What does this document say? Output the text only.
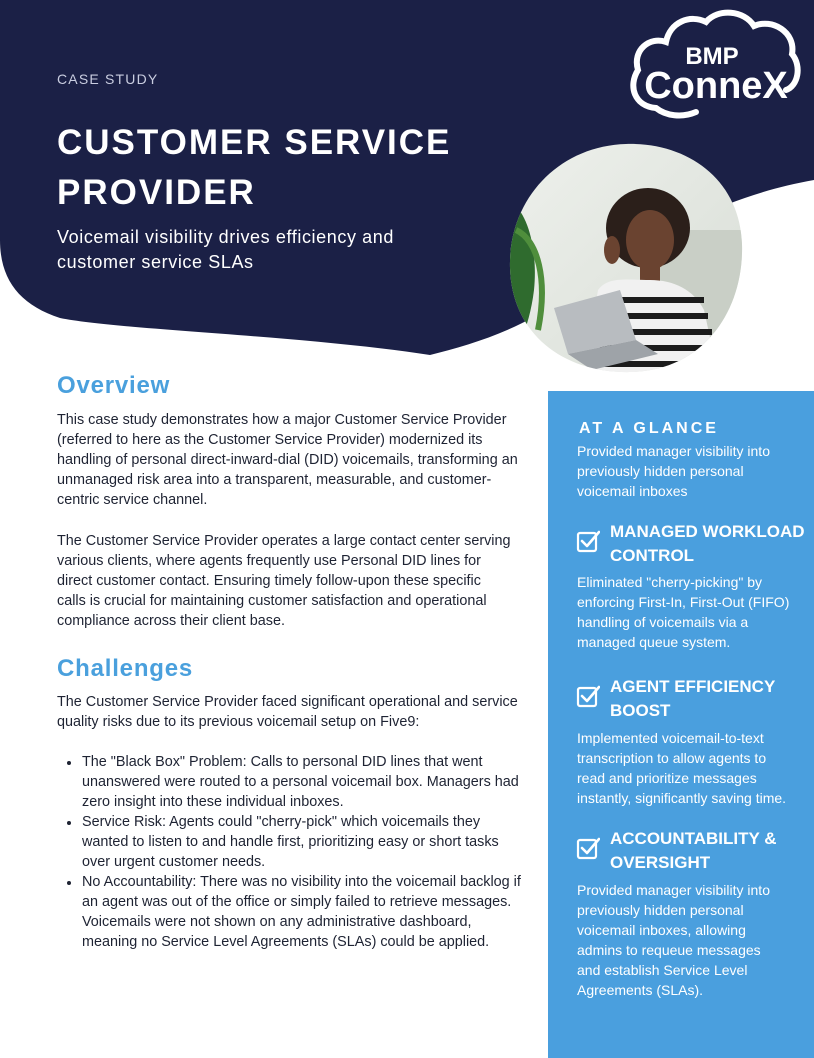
CASE STUDY
CUSTOMER SERVICE
PROVIDER
Voicemail visibility drives efficiency and
customer service SLAs
BMP
ConneX
Overview

This case study demonstrates how a major Customer Service Provider
(referred to here as the Customer Service Provider) modernized its
handling of personal direct-inward-dial (DID) voicemails, transforming an
unmanaged risk area into a transparent, measurable, and customer-
centric service channel.

The Customer Service Provider operates a large contact center serving
various clients, where agents frequently use Personal DID lines for
direct customer contact. Ensuring timely follow-upon these specific
calls is crucial for maintaining customer satisfaction and operational
compliance across their client base.

Challenges

The Customer Service Provider faced significant operational and service
quality risks due to its previous voicemail setup on Five9:

The "Black Box" Problem: Calls to personal DID lines that went
unanswered were routed to a personal voicemail box. Managers had
zero insight into these individual inboxes.
Service Risk: Agents could "cherry-pick" which voicemails they
wanted to listen to and handle first, prioritizing easy or short tasks
over urgent customer needs.
No Accountability: There was no visibility into the voicemail backlog if
an agent was out of the office or simply failed to retrieve messages.
Voicemails were not shown on any administrative dashboard,
meaning no Service Level Agreements (SLAs) could be applied.
AT A GLANCE
Provided manager visibility into
previously hidden personal
voicemail inboxes
MANAGED WORKLOAD
CONTROL
Eliminated "cherry-picking" by
enforcing First-In, First-Out (FIFO)
handling of voicemails via a
managed queue system.
AGENT EFFICIENCY
BOOST
Implemented voicemail-to-text
transcription to allow agents to
read and prioritize messages
instantly, significantly saving time.
ACCOUNTABILITY &
OVERSIGHT
Provided manager visibility into
previously hidden personal
voicemail inboxes, allowing
admins to requeue messages
and establish Service Level
Agreements (SLAs).
